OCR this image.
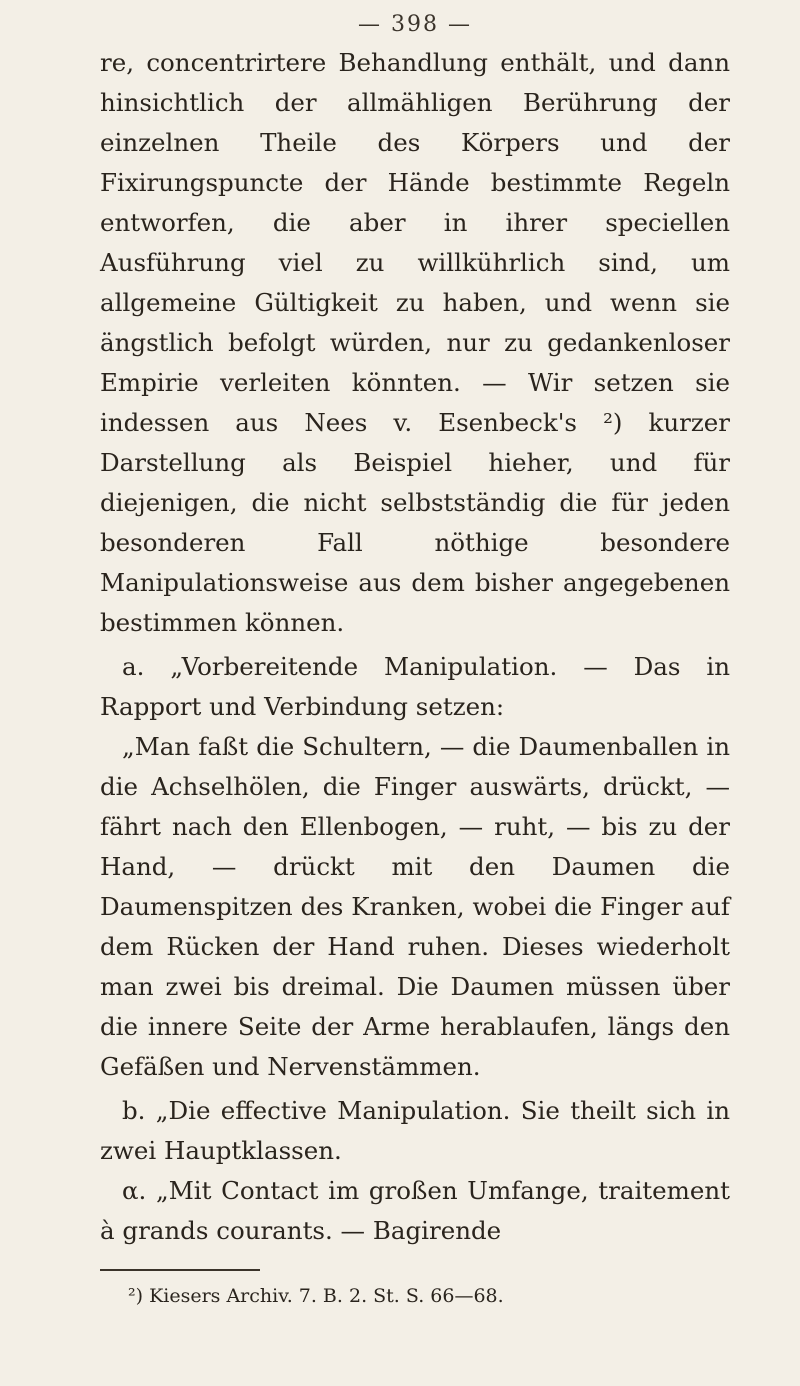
— 398 —

re, concentrirtere Behandlung enthält, und dann hinsichtlich der allmähligen Berührung der einzelnen Theile des Körpers und der Fixirungspuncte der Hände bestimmte Regeln entworfen, die aber in ihrer speciellen Ausführung viel zu willkührlich sind, um allgemeine Gültigkeit zu haben, und wenn sie ängstlich befolgt würden, nur zu gedankenloser Empirie verleiten könnten. — Wir setzen sie indessen aus Nees v. Esenbeck's ²) kurzer Darstellung als Beispiel hieher, und für diejenigen, die nicht selbstständig die für jeden besonderen Fall nöthige besondere Manipulationsweise aus dem bisher angegebenen bestimmen können.

a. „Vorbereitende Manipulation. — Das in Rapport und Verbindung setzen:

„Man faßt die Schultern, — die Daumenballen in die Achselhölen, die Finger auswärts, drückt, — fährt nach den Ellenbogen, — ruht, — bis zu der Hand, — drückt mit den Daumen die Daumenspitzen des Kranken, wobei die Finger auf dem Rücken der Hand ruhen. Dieses wiederholt man zwei bis dreimal. Die Daumen müssen über die innere Seite der Arme herablaufen, längs den Gefäßen und Nervenstämmen.

b. „Die effective Manipulation. Sie theilt sich in zwei Hauptklassen.

α. „Mit Contact im großen Umfange, traitement à grands courants. — Bagirende

²) Kiesers Archiv. 7. B. 2. St. S. 66—68.
